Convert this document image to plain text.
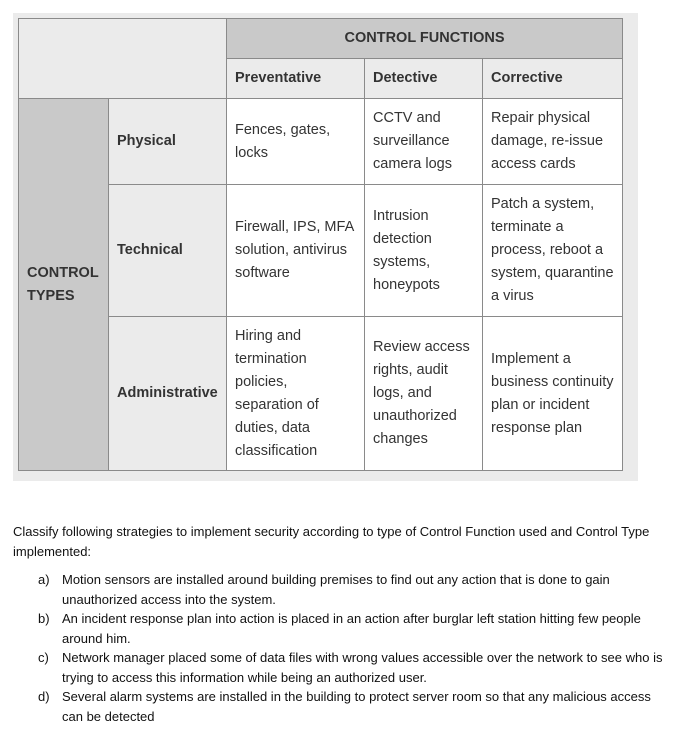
		CONTROL FUNCTIONS		
		Preventative	Detective	Corrective
CONTROL TYPES	Physical	Fences, gates, locks	CCTV and surveillance camera logs	Repair physical damage, re-issue access cards
	Technical	Firewall, IPS, MFA solution, antivirus software	Intrusion detection systems, honeypots	Patch a system, terminate a process, reboot a system, quarantine a virus
	Administrative	Hiring and termination policies, separation of duties, data classification	Review access rights, audit logs, and unauthorized changes	Implement a business continuity plan or incident response plan

Classify following strategies to implement security according to type of Control Function used and Control Type implemented:

a) Motion sensors are installed around building premises to find out any action that is done to gain unauthorized access into the system.
b) An incident response plan into action is placed in an action after burglar left station hitting few people around him.
c) Network manager placed some of data files with wrong values accessible over the network to see who is trying to access this information while being an authorized user.
d) Several alarm systems are installed in the building to protect server room so that any malicious access can be detected
